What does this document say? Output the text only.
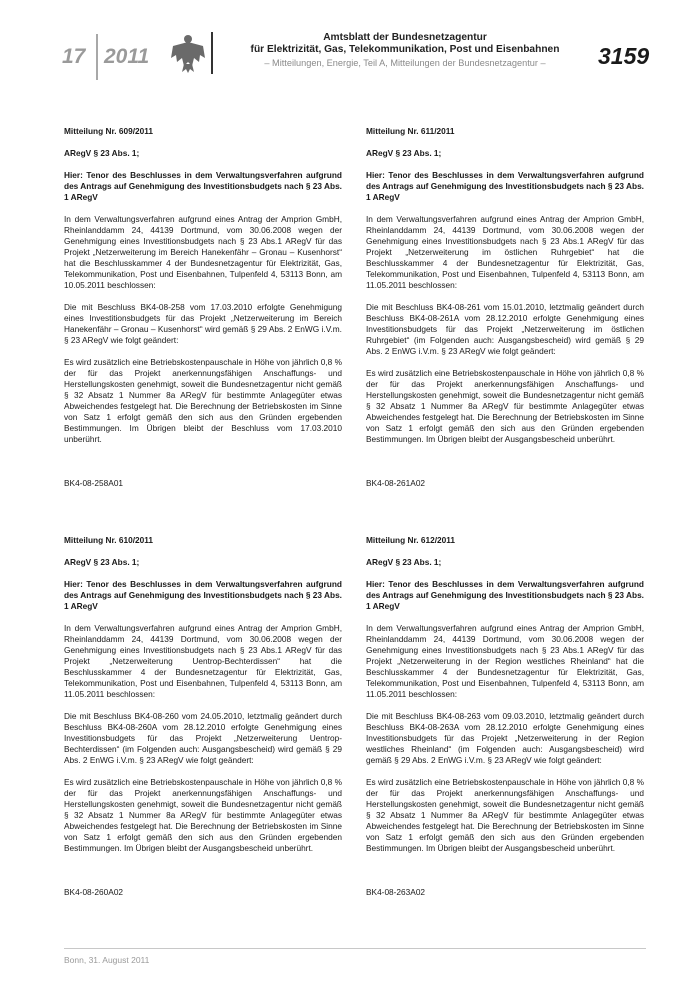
17 2011
Amtsblatt der Bundesnetzagentur
für Elektrizität, Gas, Telekommunikation, Post und Eisenbahnen
– Mitteilungen, Energie, Teil A, Mitteilungen der Bundesnetzagentur –	3159

Mitteilung Nr. 609/2011

ARegV § 23 Abs. 1;

Hier: Tenor des Beschlusses in dem Verwaltungsverfahren aufgrund des Antrags auf Genehmigung des Investitionsbudgets nach § 23 Abs. 1 ARegV

In dem Verwaltungsverfahren aufgrund eines Antrag der Amprion GmbH, Rheinlanddamm 24, 44139 Dortmund, vom 30.06.2008 wegen der Genehmigung eines Investitionsbudgets nach § 23 Abs.1 ARegV für das Projekt „Netzerweiterung im Bereich Hanekenfähr – Gronau – Kusenhorst“ hat die Beschlusskammer 4 der Bundesnetzagentur für Elektrizität, Gas, Telekommunikation, Post und Eisenbahnen, Tulpenfeld 4, 53113 Bonn, am 10.05.2011 beschlossen:

Die mit Beschluss BK4-08-258 vom 17.03.2010 erfolgte Genehmigung eines Investitionsbudgets für das Projekt „Netzerweiterung im Bereich Hanekenfähr – Gronau – Kusenhorst“ wird gemäß § 29 Abs. 2 EnWG i.V.m. § 23 ARegV wie folgt geändert:

Es wird zusätzlich eine Betriebskostenpauschale in Höhe von jährlich 0,8 % der für das Projekt anerkennungsfähigen Anschaffungs- und Herstellungskosten genehmigt, soweit die Bundesnetzagentur nicht gemäß § 32 Absatz 1 Nummer 8a ARegV für bestimmte Anlagegüter etwas Abweichendes festgelegt hat. Die Berechnung der Betriebskosten im Sinne von Satz 1 erfolgt gemäß den sich aus den Gründen ergebenden Bestimmungen. Im Übrigen bleibt der Beschluss vom 17.03.2010 unberührt.

BK4-08-258A01

Mitteilung Nr. 611/2011

ARegV § 23 Abs. 1;

Hier: Tenor des Beschlusses in dem Verwaltungsverfahren aufgrund des Antrags auf Genehmigung des Investitionsbudgets nach § 23 Abs. 1 ARegV

In dem Verwaltungsverfahren aufgrund eines Antrag der Amprion GmbH, Rheinlanddamm 24, 44139 Dortmund, vom 30.06.2008 wegen der Genehmigung eines Investitionsbudgets nach § 23 Abs.1 ARegV für das Projekt „Netzerweiterung im östlichen Ruhrgebiet“ hat die Beschlusskammer 4 der Bundesnetzagentur für Elektrizität, Gas, Telekommunikation, Post und Eisenbahnen, Tulpenfeld 4, 53113 Bonn, am 11.05.2011 beschlossen:

Die mit Beschluss BK4-08-261 vom 15.01.2010, letztmalig geändert durch Beschluss BK4-08-261A vom 28.12.2010 erfolgte Genehmigung eines Investitionsbudgets für das Projekt „Netzerweiterung im östlichen Ruhrgebiet“ (im Folgenden auch: Ausgangsbescheid) wird gemäß § 29 Abs. 2 EnWG i.V.m. § 23 ARegV wie folgt geändert:

Es wird zusätzlich eine Betriebskostenpauschale in Höhe von jährlich 0,8 % der für das Projekt anerkennungsfähigen Anschaffungs- und Herstellungskosten genehmigt, soweit die Bundesnetzagentur nicht gemäß § 32 Absatz 1 Nummer 8a ARegV für bestimmte Anlagegüter etwas Abweichendes festgelegt hat. Die Berechnung der Betriebskosten im Sinne von Satz 1 erfolgt gemäß den sich aus den Gründen ergebenden Bestimmungen. Im Übrigen bleibt der Ausgangsbescheid unberührt.

BK4-08-261A02

Mitteilung Nr. 610/2011

ARegV § 23 Abs. 1;

Hier: Tenor des Beschlusses in dem Verwaltungsverfahren aufgrund des Antrags auf Genehmigung des Investitionsbudgets nach § 23 Abs. 1 ARegV

In dem Verwaltungsverfahren aufgrund eines Antrag der Amprion GmbH, Rheinlanddamm 24, 44139 Dortmund, vom 30.06.2008 wegen der Genehmigung eines Investitionsbudgets nach § 23 Abs.1 ARegV für das Projekt „Netzerweiterung Uentrop-Bechterdissen“ hat die Beschlusskammer 4 der Bundesnetzagentur für Elektrizität, Gas, Telekommunikation, Post und Eisenbahnen, Tulpenfeld 4, 53113 Bonn, am 11.05.2011 beschlossen:

Die mit Beschluss BK4-08-260 vom 24.05.2010, letztmalig geändert durch Beschluss BK4-08-260A vom 28.12.2010 erfolgte Genehmigung eines Investitionsbudgets für das Projekt „Netzerweiterung Uentrop-Bechterdissen“ (im Folgenden auch: Ausgangsbescheid) wird gemäß § 29 Abs. 2 EnWG i.V.m. § 23 ARegV wie folgt geändert:

Es wird zusätzlich eine Betriebskostenpauschale in Höhe von jährlich 0,8 % der für das Projekt anerkennungsfähigen Anschaffungs- und Herstellungskosten genehmigt, soweit die Bundesnetzagentur nicht gemäß § 32 Absatz 1 Nummer 8a ARegV für bestimmte Anlagegüter etwas Abweichendes festgelegt hat. Die Berechnung der Betriebskosten im Sinne von Satz 1 erfolgt gemäß den sich aus den Gründen ergebenden Bestimmungen. Im Übrigen bleibt der Ausgangsbescheid unberührt.

BK4-08-260A02

Mitteilung Nr. 612/2011

ARegV § 23 Abs. 1;

Hier: Tenor des Beschlusses in dem Verwaltungsverfahren aufgrund des Antrags auf Genehmigung des Investitionsbudgets nach § 23 Abs. 1 ARegV

In dem Verwaltungsverfahren aufgrund eines Antrag der Amprion GmbH, Rheinlanddamm 24, 44139 Dortmund, vom 30.06.2008 wegen der Genehmigung eines Investitionsbudgets nach § 23 Abs.1 ARegV für das Projekt „Netzerweiterung in der Region westliches Rheinland“ hat die Beschlusskammer 4 der Bundesnetzagentur für Elektrizität, Gas, Telekommunikation, Post und Eisenbahnen, Tulpenfeld 4, 53113 Bonn, am 11.05.2011 beschlossen:

Die mit Beschluss BK4-08-263 vom 09.03.2010, letztmalig geändert durch Beschluss BK4-08-263A vom 28.12.2010 erfolgte Genehmigung eines Investitionsbudgets für das Projekt „Netzerweiterung in der Region westliches Rheinland“ (im Folgenden auch: Ausgangsbescheid) wird gemäß § 29 Abs. 2 EnWG i.V.m. § 23 ARegV wie folgt geändert:

Es wird zusätzlich eine Betriebskostenpauschale in Höhe von jährlich 0,8 % der für das Projekt anerkennungsfähigen Anschaffungs- und Herstellungskosten genehmigt, soweit die Bundesnetzagentur nicht gemäß § 32 Absatz 1 Nummer 8a ARegV für bestimmte Anlagegüter etwas Abweichendes festgelegt hat. Die Berechnung der Betriebskosten im Sinne von Satz 1 erfolgt gemäß den sich aus den Gründen ergebenden Bestimmungen. Im Übrigen bleibt der Ausgangsbescheid unberührt.

BK4-08-263A02

Bonn, 31. August 2011
